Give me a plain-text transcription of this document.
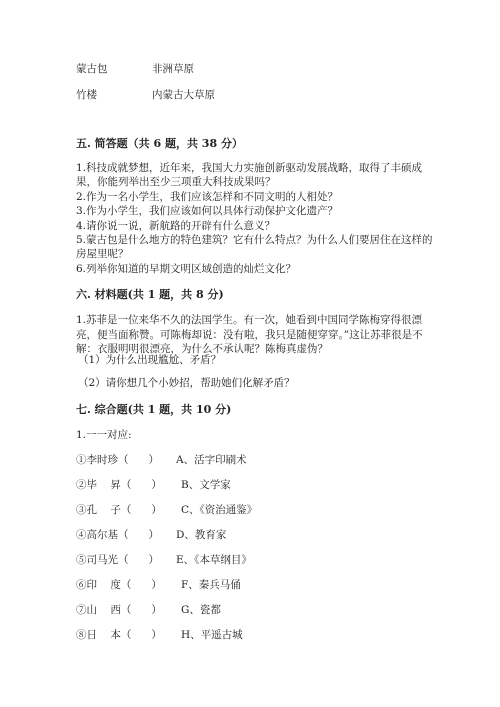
蒙古包	非洲草原
竹楼	内蒙古大草原
五. 简答题（共 6 题，共 38 分）
1.科技成就梦想，近年来，我国大力实施创新驱动发展战略，取得了丰硕成
果，你能列举出至少三项重大科技成果吗？
2.作为一名小学生，我们应该怎样和不同文明的人相处？
3.作为小学生，我们应该如何以具体行动保护文化遗产？
4.请你说一说，新航路的开辟有什么意义？
5.蒙古包是什么地方的特色建筑？它有什么特点？为什么人们要居住在这样的
房屋里呢？
6.列举你知道的早期文明区域创造的灿烂文化？
六. 材料题(共 1 题，共 8 分)
1.苏菲是一位来华不久的法国学生。有一次，她看到中国同学陈梅穿得很漂
亮，便当面称赞。可陈梅却说：没有啦，我只是随便穿穿。”这让苏菲很是不
解：衣服明明很漂亮，为什么不承认呢？陈梅真虚伪？
（1）为什么出现尴尬、矛盾？
（2）请你想几个小妙招，帮助她们化解矛盾？
七. 综合题(共 1 题，共 10 分)
1.一一对应:
①李时珍（      ） A、活字印刷术
②毕    昇（      ） B、文学家
③孔    子（      ） C、《资治通鉴》
④高尔基（      ） D、教育家
⑤司马光（      ） E、《本草纲目》
⑥印    度（      ） F、秦兵马俑
⑦山    西（      ） G、瓷都
⑧日    本（      ） H、平遥古城
